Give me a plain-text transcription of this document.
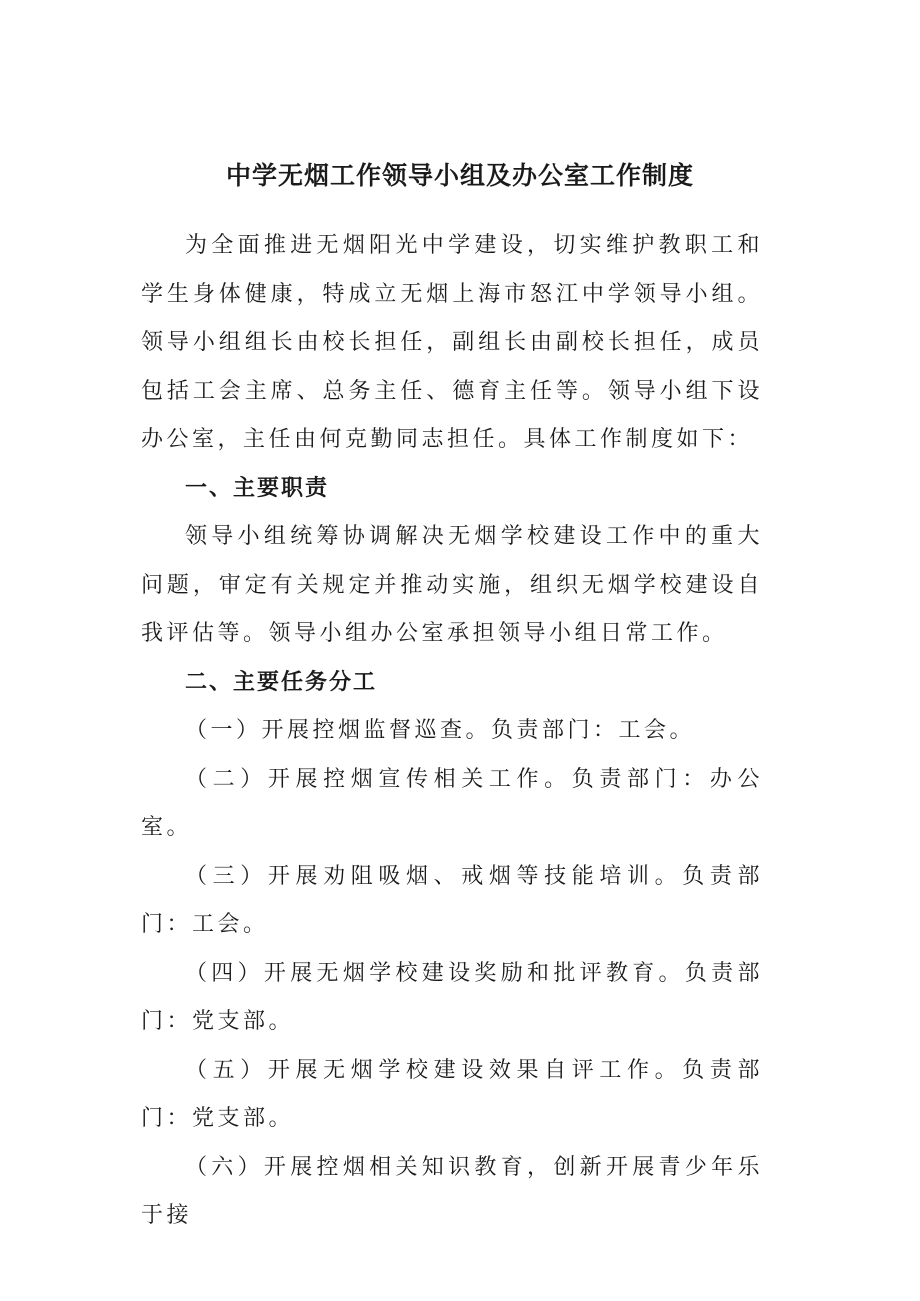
中学无烟工作领导小组及办公室工作制度

为全面推进无烟阳光中学建设，切实维护教职工和学生身体健康，特成立无烟上海市怒江中学领导小组。领导小组组长由校长担任，副组长由副校长担任，成员包括工会主席、总务主任、德育主任等。领导小组下设办公室，主任由何克勤同志担任。具体工作制度如下：

一、主要职责

领导小组统筹协调解决无烟学校建设工作中的重大问题，审定有关规定并推动实施，组织无烟学校建设自我评估等。领导小组办公室承担领导小组日常工作。

二、主要任务分工

（一）开展控烟监督巡查。负责部门：工会。

（二）开展控烟宣传相关工作。负责部门：办公室。

（三）开展劝阻吸烟、戒烟等技能培训。负责部门：工会。

（四）开展无烟学校建设奖励和批评教育。负责部门：党支部。

（五）开展无烟学校建设效果自评工作。负责部门：党支部。

（六）开展控烟相关知识教育，创新开展青少年乐于接
